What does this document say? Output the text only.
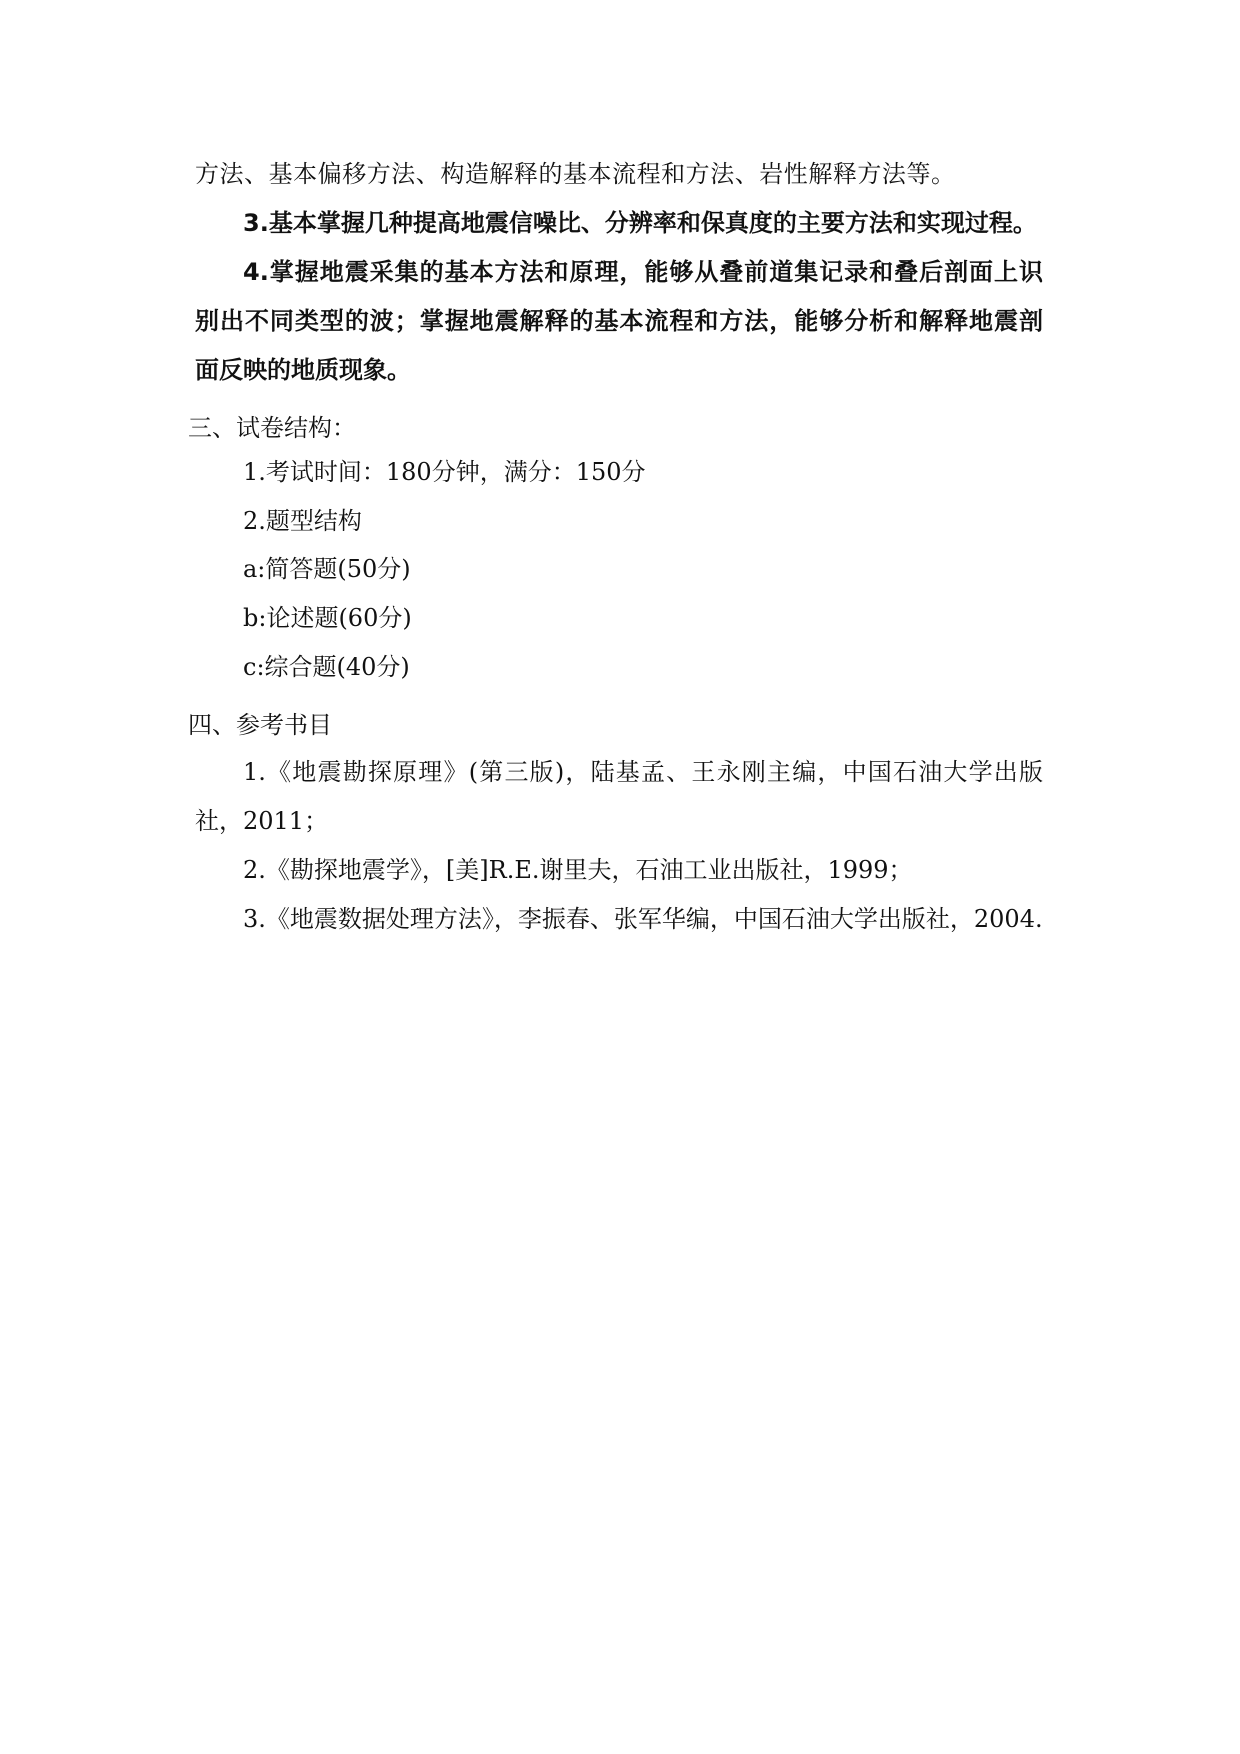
方法、基本偏移方法、构造解释的基本流程和方法、岩性解释方法等。
3.基本掌握几种提高地震信噪比、分辨率和保真度的主要方法和实现过程。
4.掌握地震采集的基本方法和原理，能够从叠前道集记录和叠后剖面上识
别出不同类型的波；掌握地震解释的基本流程和方法，能够分析和解释地震剖
面反映的地质现象。
三、试卷结构：
1.考试时间：180分钟，满分：150分
2.题型结构
a:简答题(50分)
b:论述题(60分)
c:综合题(40分)
四、参考书目
1.《地震勘探原理》(第三版)，陆基孟、王永刚主编，中国石油大学出版
社，2011；
2.《勘探地震学》，[美]R.E.谢里夫，石油工业出版社，1999；
3.《地震数据处理方法》，李振春、张军华编，中国石油大学出版社，2004.
